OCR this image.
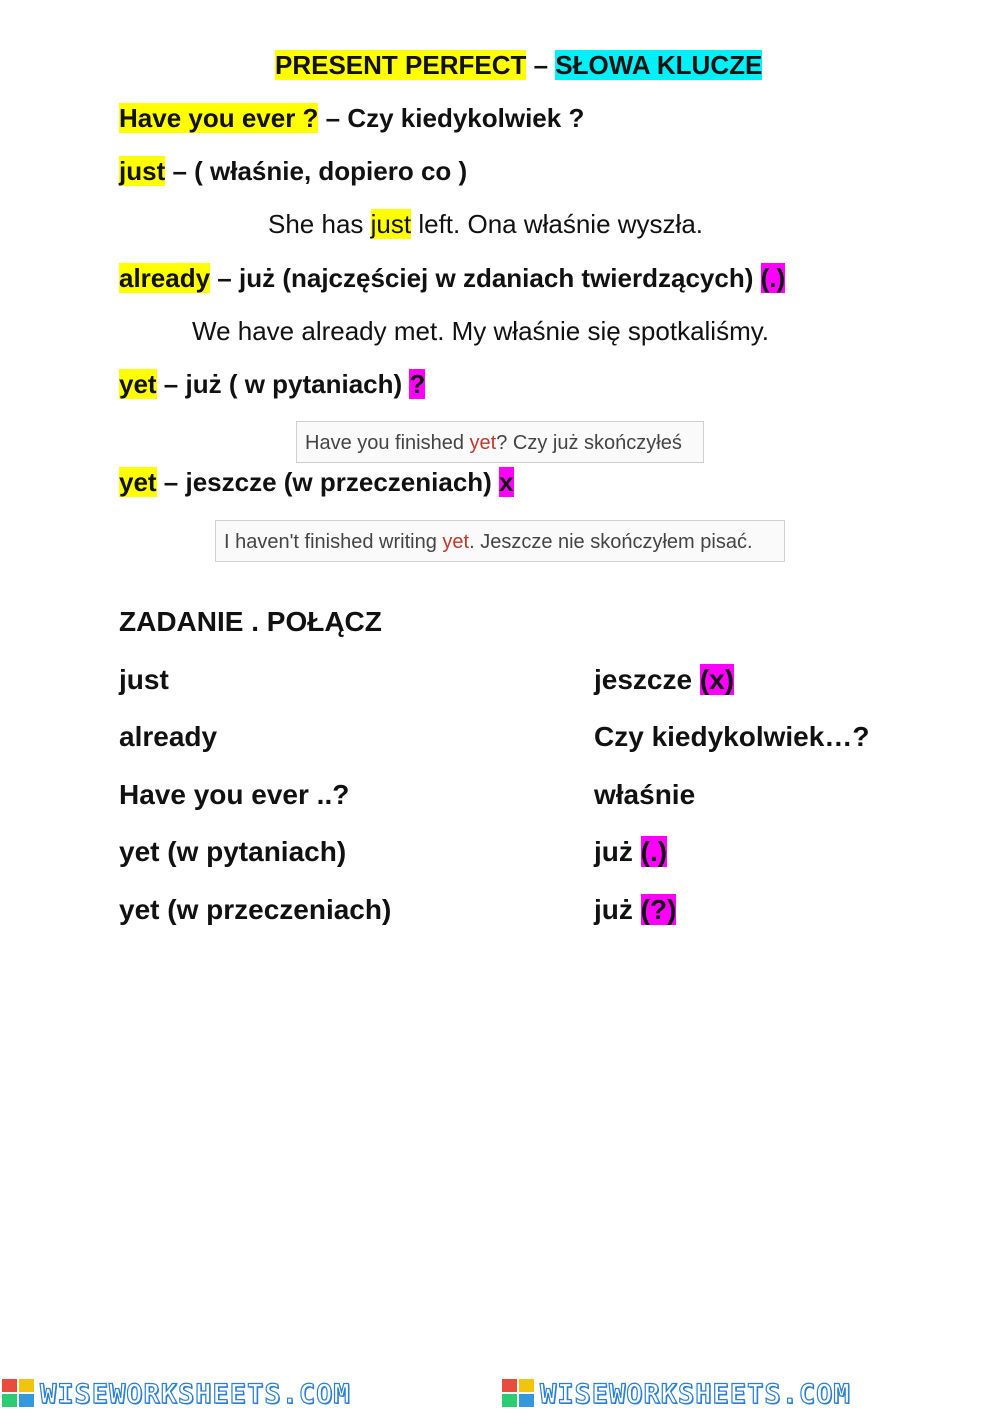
PRESENT PERFECT – SŁOWA KLUCZE
Have you ever ? – Czy kiedykolwiek ?
just – ( właśnie, dopiero co )
She has just left. Ona właśnie wyszła.
already – już (najczęściej w zdaniach twierdzących) (.)
We have already met. My właśnie się spotkaliśmy.
yet – już ( w pytaniach) ?
Have you finished yet? Czy już skończyłeś
yet – jeszcze (w przeczeniach) x
I haven't finished writing yet. Jeszcze nie skończyłem pisać.
ZADANIE . POŁĄCZ
just
already
Have you ever ..?
yet (w pytaniach)
yet (w przeczeniach)
jeszcze (x)
Czy kiedykolwiek…?
właśnie
już (.)
już (?)
WISEWORKSHEETS.COM	WISEWORKSHEETS.COM
